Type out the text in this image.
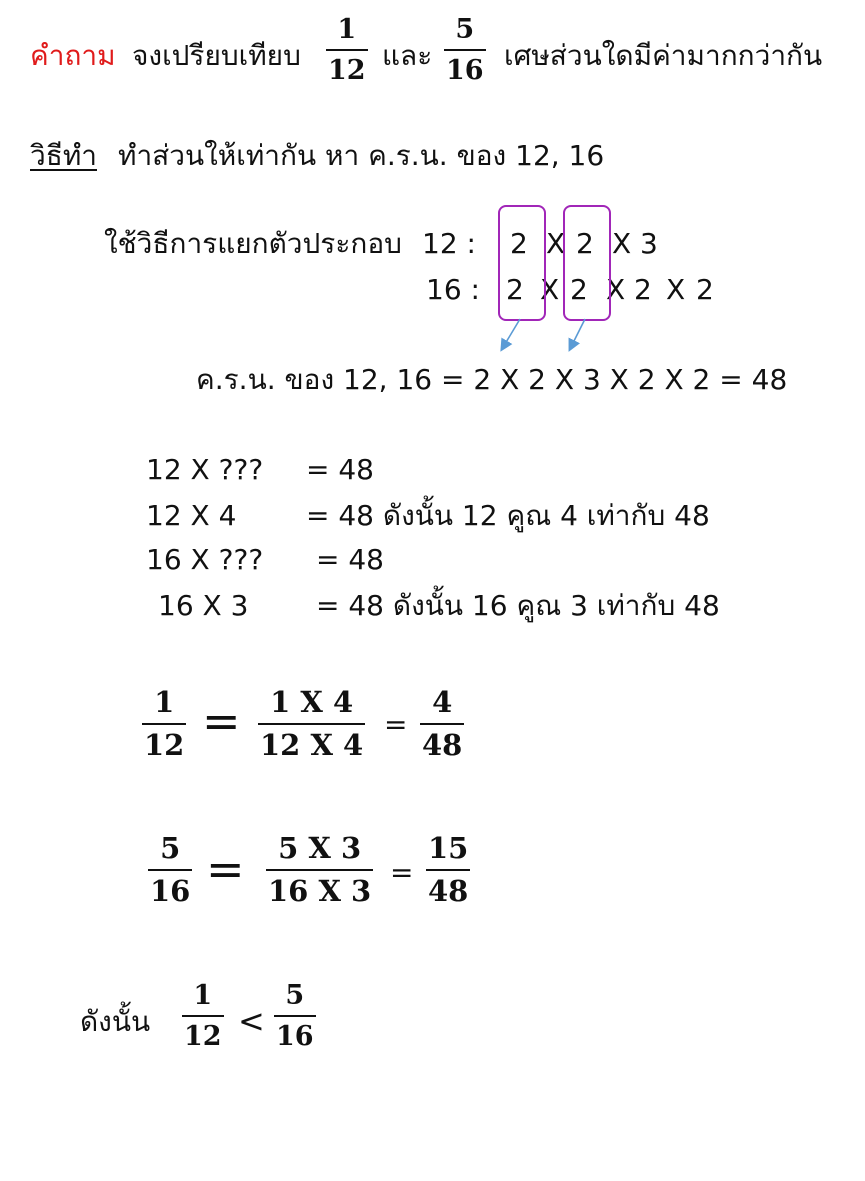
คำถาม จงเปรียบเทียบ
1
12 และ
5
16 เศษส่วนใดมีค่ามากกว่ากัน
วิธีทำ ทำส่วนให้เท่ากัน หา ค.ร.น. ของ 12, 16
ใช้วิธีการแยกตัวประกอบ 12 : 2 X 2 X 3
16 : 2 X 2 X 2 X 2
ค.ร.น. ของ 12, 16 = 2 X 2 X 3 X 2 X 2 = 48
12 X ??? = 48
12 X 4 = 48 ดังนั้น 12 คูณ 4 เท่ากับ 48
16 X ??? = 48
16 X 3 = 48 ดังนั้น 16 คูณ 3 เท่ากับ 48
1
12 = 1 X 4
12 X 4
=
4
48
5
16 = 5 X 3
16 X 3
=
15
48
ดังนั้น
1
12 <
5
16
